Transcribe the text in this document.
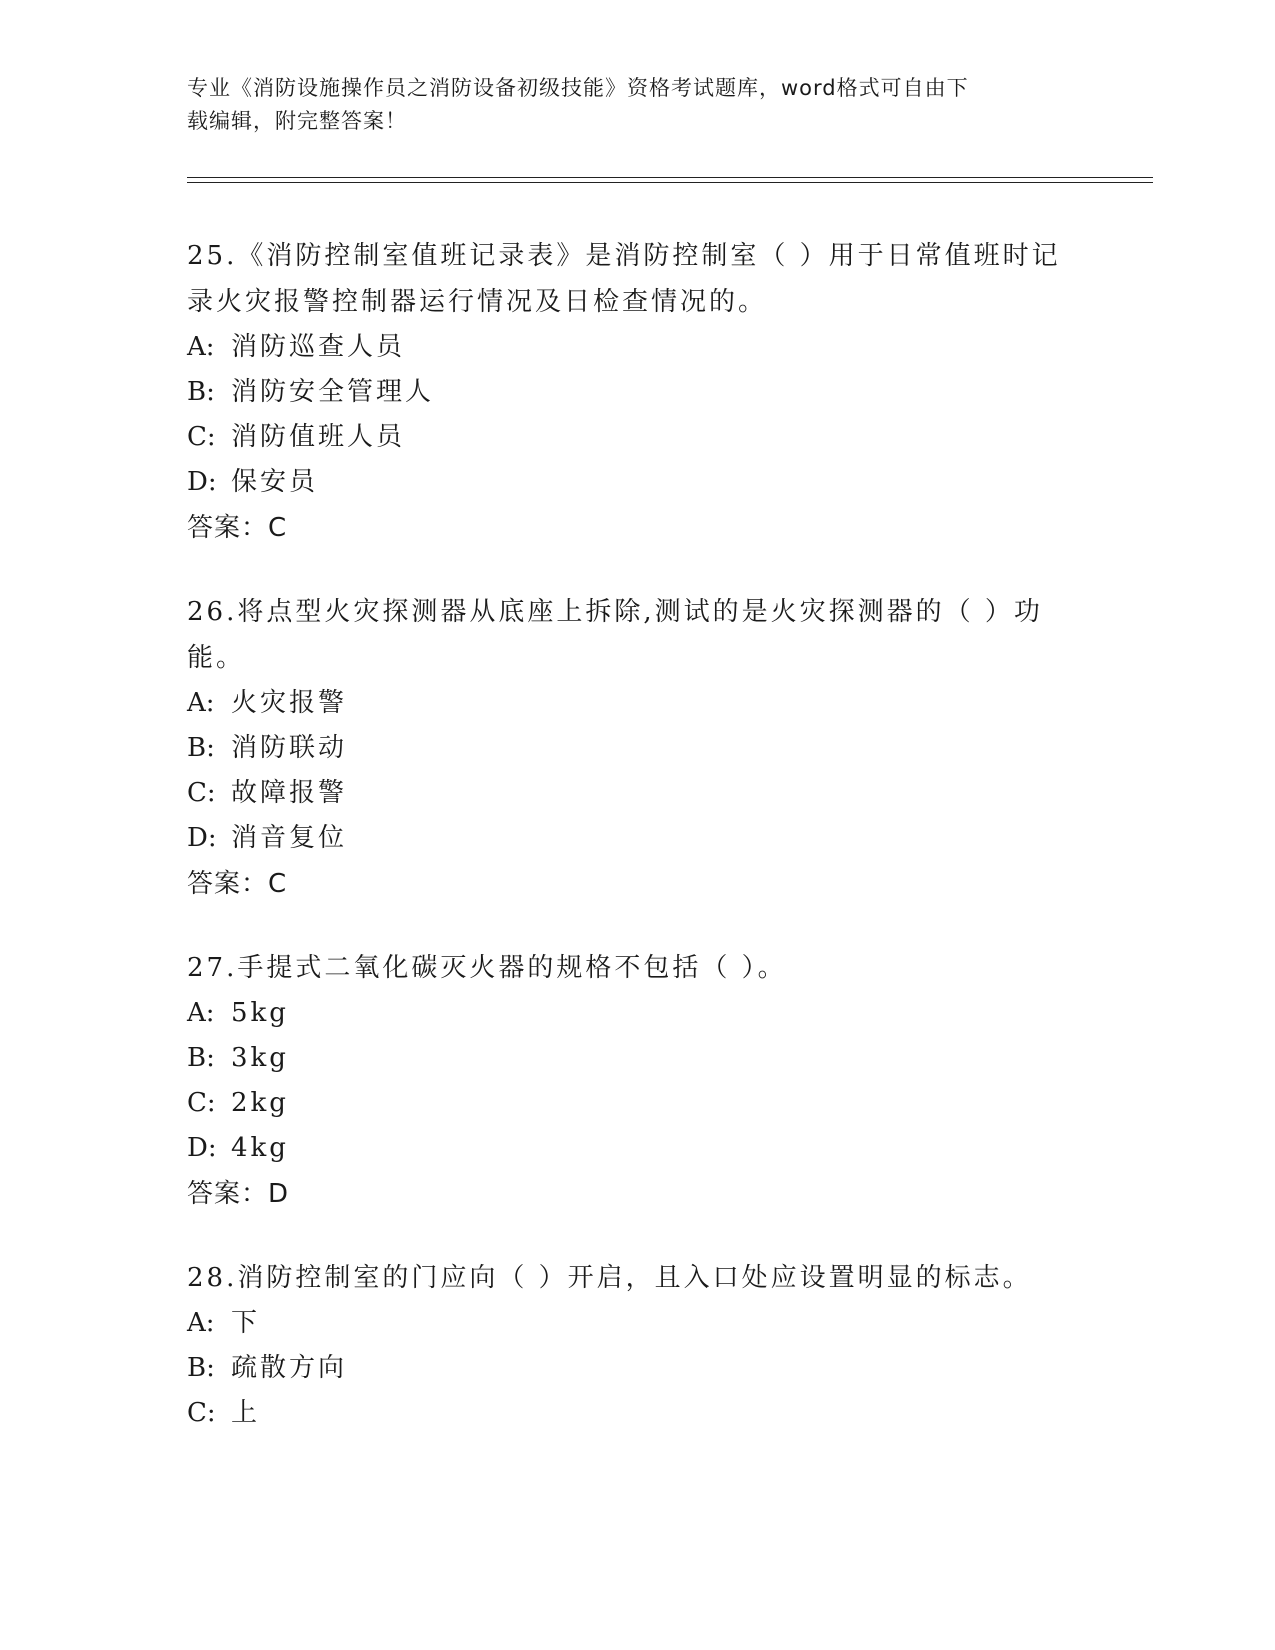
专业《消防设施操作员之消防设备初级技能》资格考试题库，word格式可自由下
载编辑，附完整答案！
25.《消防控制室值班记录表》是消防控制室（ ）用于日常值班时记录火灾报警控制器运行情况及日检查情况的。
A: 消防巡查人员
B: 消防安全管理人
C: 消防值班人员
D: 保安员
答案：C
26.将点型火灾探测器从底座上拆除,测试的是火灾探测器的（ ）功能。
A: 火灾报警
B: 消防联动
C: 故障报警
D: 消音复位
答案：C
27.手提式二氧化碳灭火器的规格不包括（ ）。
A: 5kg
B: 3kg
C: 2kg
D: 4kg
答案：D
28.消防控制室的门应向（ ）开启，且入口处应设置明显的标志。
A: 下
B: 疏散方向
C: 上
